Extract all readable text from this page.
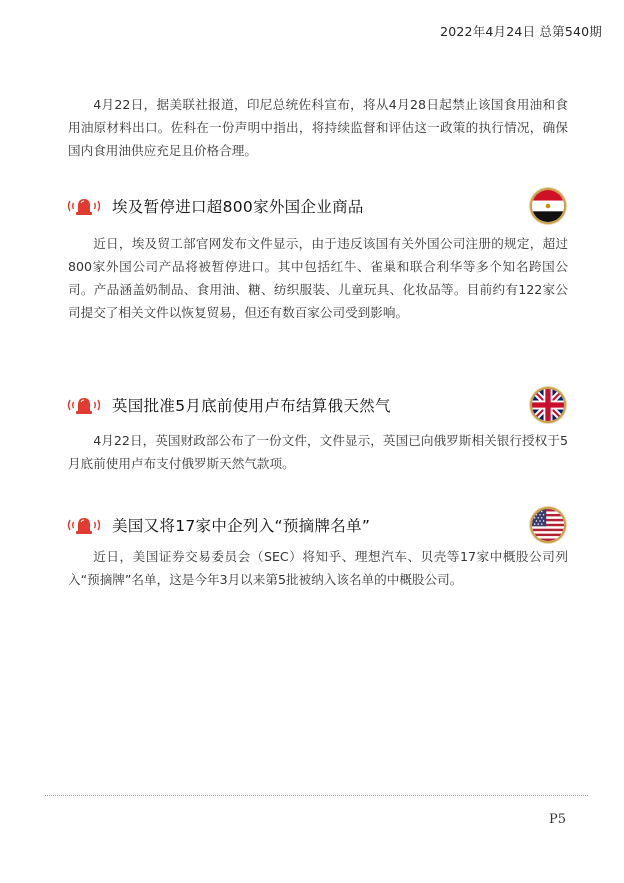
2022年4月24日 总第540期

4月22日，据美联社报道，印尼总统佐科宣布，将从4月28日起禁止该国食用油和食用油原材料出口。佐科在一份声明中指出，将持续监督和评估这一政策的执行情况，确保国内食用油供应充足且价格合理。

埃及暂停进口超800家外国企业商品

近日，埃及贸工部官网发布文件显示，由于违反该国有关外国公司注册的规定，超过800家外国公司产品将被暂停进口。其中包括红牛、雀巢和联合利华等多个知名跨国公司。产品涵盖奶制品、食用油、糖、纺织服装、儿童玩具、化妆品等。目前约有122家公司提交了相关文件以恢复贸易，但还有数百家公司受到影响。

英国批准5月底前使用卢布结算俄天然气

4月22日，英国财政部公布了一份文件，文件显示，英国已向俄罗斯相关银行授权于5月底前使用卢布支付俄罗斯天然气款项。

美国又将17家中企列入“预摘牌名单”

近日，美国证券交易委员会（SEC）将知乎、理想汽车、贝壳等17家中概股公司列入“预摘牌”名单，这是今年3月以来第5批被纳入该名单的中概股公司。

P5
